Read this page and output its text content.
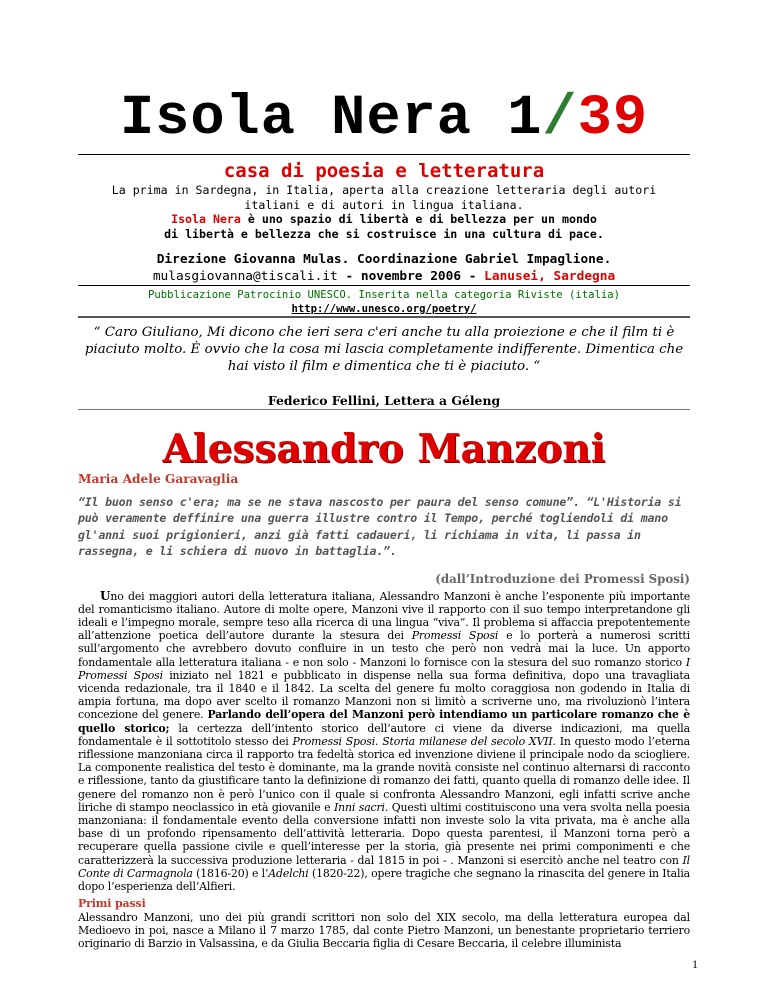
Isola Nera 1/39
casa di poesia e letteratura
La prima in Sardegna, in Italia, aperta alla creazione letteraria degli autori
italiani e di autori in lingua italiana.
Isola Nera è uno spazio di libertà e di bellezza per un mondo
di libertà e bellezza che si costruisce in una cultura di pace.
Direzione Giovanna Mulas. Coordinazione Gabriel Impaglione.
mulasgiovanna@tiscali.it - novembre 2006 - Lanusei, Sardegna
Pubblicazione Patrocinio UNESCO. Inserita nella categoria Riviste (italia)
http://www.unesco.org/poetry/
“ Caro Giuliano, Mi dicono che ieri sera c'eri anche tu alla proiezione e che il film ti è piaciuto molto. È ovvio che la cosa mi lascia completamente indifferente. Dimentica che hai visto il film e dimentica che ti è piaciuto. “
Federico Fellini, Lettera a Géleng
Alessandro Manzoni
Maria Adele Garavaglia
“Il buon senso c'era; ma se ne stava nascosto per paura del senso comune”. “L'Historia si può veramente deffinire una guerra illustre contro il Tempo, perché togliendoli di mano gl'anni suoi prigionieri, anzi già fatti cadaueri, li richiama in vita, li passa in rassegna, e li schiera di nuovo in battaglia.”.
(dall’Introduzione dei Promessi Sposi)

Uno dei maggiori autori della letteratura italiana, Alessandro Manzoni è anche l’esponente più importante del romanticismo italiano. Autore di molte opere, Manzoni vive il rapporto con il suo tempo interpretandone gli ideali e l’impegno morale, sempre teso alla ricerca di una lingua “viva”. Il problema si affaccia prepotentemente all’attenzione poetica dell’autore durante la stesura dei Promessi Sposi e lo porterà a numerosi scritti sull’argomento che avrebbero dovuto confluire in un testo che però non vedrà mai la luce. Un apporto fondamentale alla letteratura italiana - e non solo - Manzoni lo fornisce con la stesura del suo romanzo storico I Promessi Sposi iniziato nel 1821 e pubblicato in dispense nella sua forma definitiva, dopo una travagliata vicenda redazionale, tra il 1840 e il 1842. La scelta del genere fu molto coraggiosa non godendo in Italia di ampia fortuna, ma dopo aver scelto il romanzo Manzoni non si limitò a scriverne uno, ma rivoluzionò l’intera concezione del genere. Parlando dell’opera del Manzoni però intendiamo un particolare romanzo che è quello storico; la certezza dell’intento storico dell’autore ci viene da diverse indicazioni, ma quella fondamentale è il sottotitolo stesso dei Promessi Sposi. Storia milanese del secolo XVII. In questo modo l’eterna riflessione manzoniana circa il rapporto tra fedeltà storica ed invenzione diviene il principale nodo da sciogliere. La componente realistica del testo è dominante, ma la grande novità consiste nel continuo alternarsi di racconto e riflessione, tanto da giustificare tanto la definizione di romanzo dei fatti, quanto quella di romanzo delle idee. Il genere del romanzo non è però l’unico con il quale si confronta Alessandro Manzoni, egli infatti scrive anche liriche di stampo neoclassico in età giovanile e Inni sacri. Questi ultimi costituiscono una vera svolta nella poesia manzoniana: il fondamentale evento della conversione infatti non investe solo la vita privata, ma è anche alla base di un profondo ripensamento dell’attività letteraria. Dopo questa parentesi, il Manzoni torna però a recuperare quella passione civile e quell’interesse per la storia, già presente nei primi componimenti e che caratterizzerà la successiva produzione letteraria - dal 1815 in poi - . Manzoni si esercitò anche nel teatro con Il Conte di Carmagnola (1816-20) e l’Adelchi (1820-22), opere tragiche che segnano la rinascita del genere in Italia dopo l’esperienza dell’Alfieri.

Primi passi

Alessandro Manzoni, uno dei più grandi scrittori non solo del XIX secolo, ma della letteratura europea dal Medioevo in poi, nasce a Milano il 7 marzo 1785, dal conte Pietro Manzoni, un benestante proprietario terriero originario di Barzio in Valsassina, e da Giulia Beccaria figlia di Cesare Beccaria, il celebre illuminista

1
